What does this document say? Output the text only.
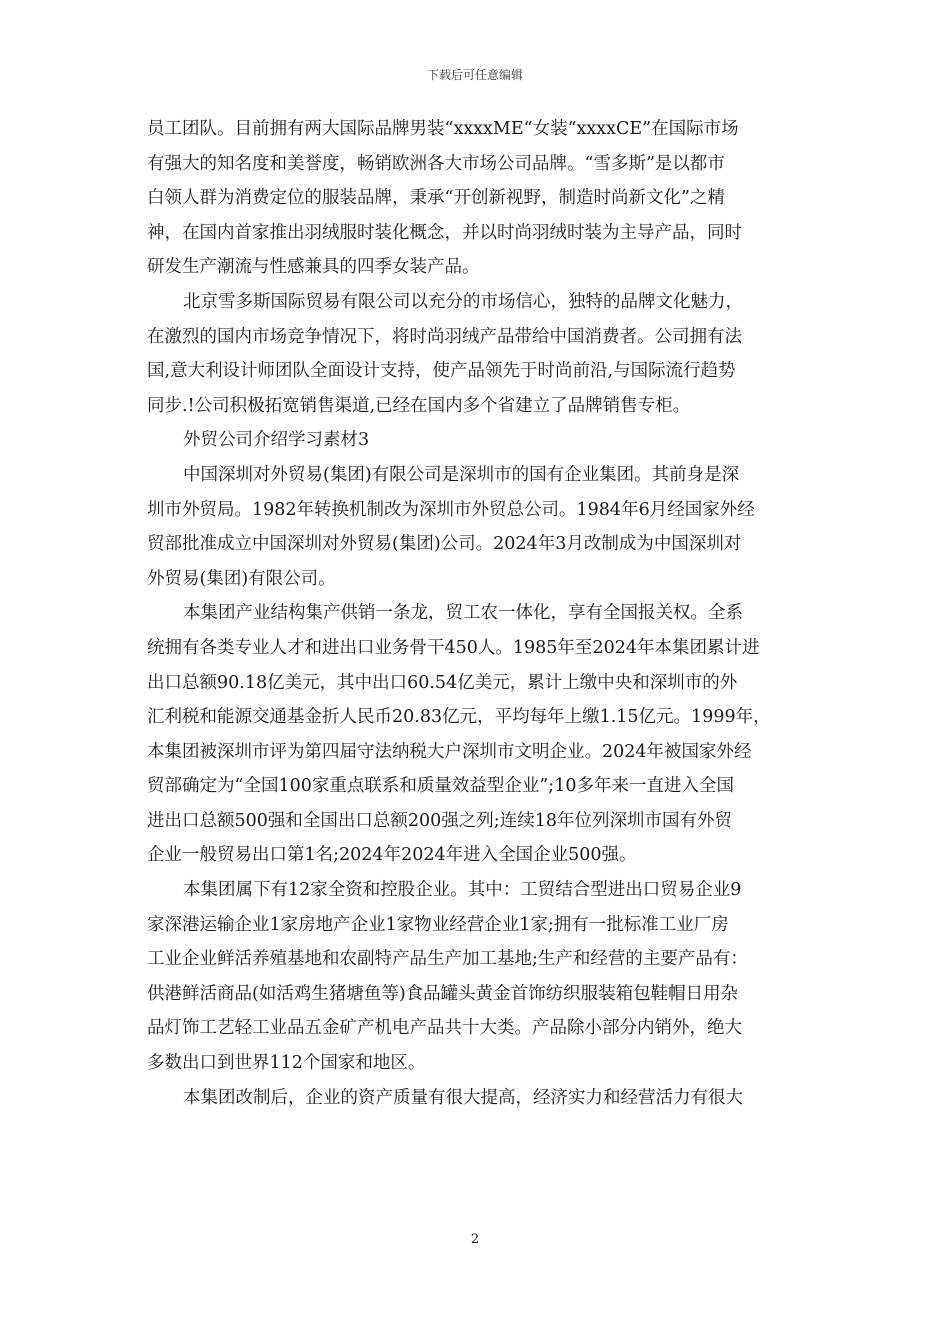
下载后可任意编辑
员工团队。目前拥有两大国际品牌男装“xxxxME“女装“xxxxCE”在国际市场
有强大的知名度和美誉度，畅销欧洲各大市场公司品牌。“雪多斯”是以都市
白领人群为消费定位的服装品牌，秉承“开创新视野，制造时尚新文化”之精
神，在国内首家推出羽绒服时装化概念，并以时尚羽绒时装为主导产品，同时
研发生产潮流与性感兼具的四季女装产品。
北京雪多斯国际贸易有限公司以充分的市场信心，独特的品牌文化魅力，
在激烈的国内市场竞争情况下，将时尚羽绒产品带给中国消费者。公司拥有法
国,意大利设计师团队全面设计支持，使产品领先于时尚前沿,与国际流行趋势
同步.!公司积极拓宽销售渠道,已经在国内多个省建立了品牌销售专柜。
外贸公司介绍学习素材3
中国深圳对外贸易(集团)有限公司是深圳市的国有企业集团。其前身是深
圳市外贸局。1982年转换机制改为深圳市外贸总公司。1984年6月经国家外经
贸部批准成立中国深圳对外贸易(集团)公司。2024年3月改制成为中国深圳对
外贸易(集团)有限公司。
本集团产业结构集产供销一条龙，贸工农一体化，享有全国报关权。全系
统拥有各类专业人才和进出口业务骨干450人。1985年至2024年本集团累计进
出口总额90.18亿美元，其中出口60.54亿美元，累计上缴中央和深圳市的外
汇利税和能源交通基金折人民币20.83亿元，平均每年上缴1.15亿元。1999年，
本集团被深圳市评为第四届守法纳税大户深圳市文明企业。2024年被国家外经
贸部确定为“全国100家重点联系和质量效益型企业”;10多年来一直进入全国
进出口总额500强和全国出口总额200强之列;连续18年位列深圳市国有外贸
企业一般贸易出口第1名;2024年2024年进入全国企业500强。
本集团属下有12家全资和控股企业。其中：工贸结合型进出口贸易企业9
家深港运输企业1家房地产企业1家物业经营企业1家;拥有一批标准工业厂房
工业企业鲜活养殖基地和农副特产品生产加工基地;生产和经营的主要产品有：
供港鲜活商品(如活鸡生猪塘鱼等)食品罐头黄金首饰纺织服装箱包鞋帽日用杂
品灯饰工艺轻工业品五金矿产机电产品共十大类。产品除小部分内销外，绝大
多数出口到世界112个国家和地区。
本集团改制后，企业的资产质量有很大提高，经济实力和经营活力有很大
2
